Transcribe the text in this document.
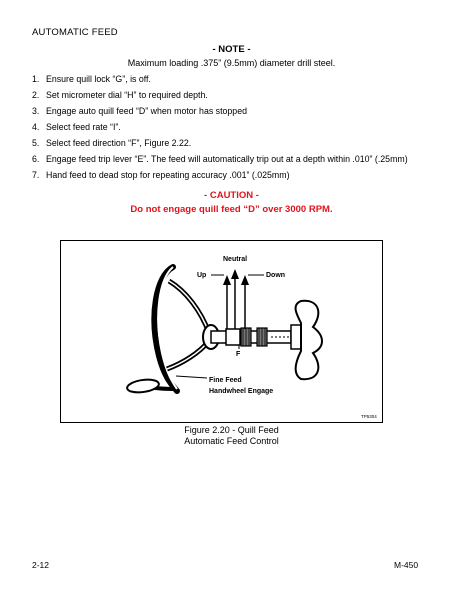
AUTOMATIC FEED
- NOTE -
Maximum loading .375” (9.5mm) diameter drill steel.
1. Ensure quill lock “G”, is off.
2. Set micrometer dial “H” to required depth.
3. Engage auto quill feed “D” when motor has stopped
4. Select feed rate “I”.
5. Select feed direction “F”, Figure 2.22.
6. Engage feed trip lever “E”. The feed will automatically trip out at a depth within .010” (.25mm)
7. Hand feed to dead stop for repeating accuracy .001” (.025mm)
- CAUTION -
Do not engage quill feed “D” over 3000 RPM.
Neutral
Up	Down
F
Fine Feed
Handwheel Engage
TP5304
Figure 2.20 - Quill Feed
Automatic Feed Control
2-12	M-450
